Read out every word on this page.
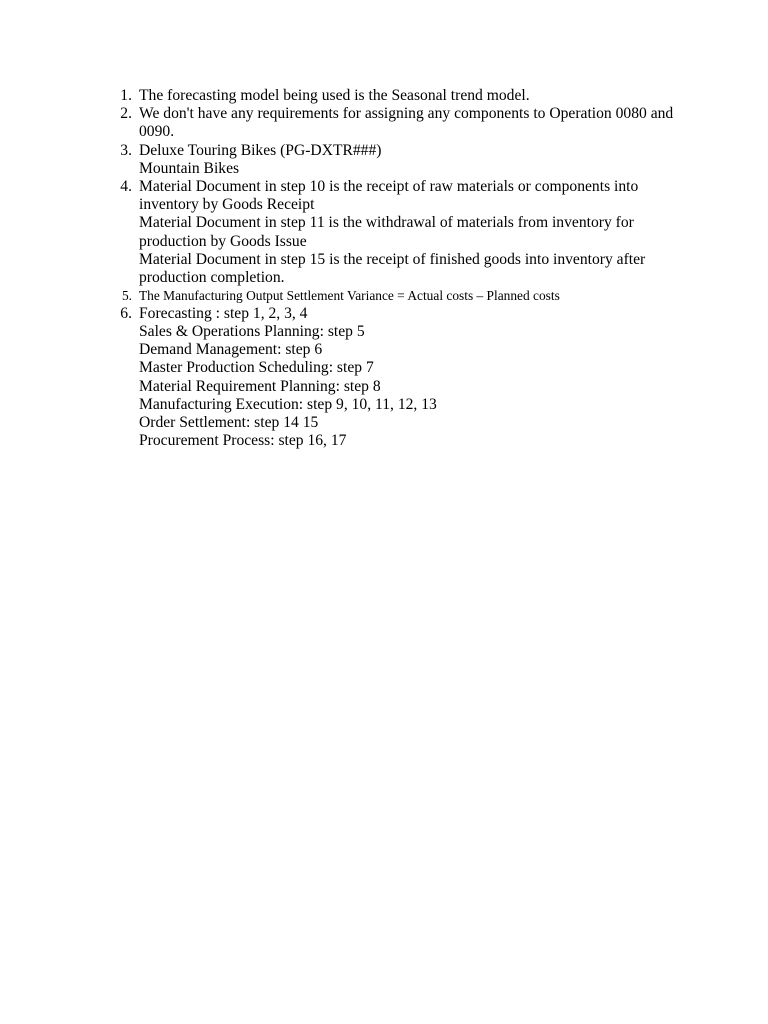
1. The forecasting model being used is the Seasonal trend model.
2. We don't have any requirements for assigning any components to Operation 0080 and 0090.
3. Deluxe Touring Bikes (PG-DXTR###)
Mountain Bikes
4. Material Document in step 10 is the receipt of raw materials or components into inventory by Goods Receipt
Material Document in step 11 is the withdrawal of materials from inventory for production by Goods Issue
Material Document in step 15 is the receipt of finished goods into inventory after production completion.
5. The Manufacturing Output Settlement Variance = Actual costs – Planned costs
6. Forecasting : step 1, 2, 3, 4
Sales & Operations Planning: step 5
Demand Management: step 6
Master Production Scheduling: step 7
Material Requirement Planning: step 8
Manufacturing Execution: step 9, 10, 11, 12, 13
Order Settlement: step 14 15
Procurement Process: step 16, 17
